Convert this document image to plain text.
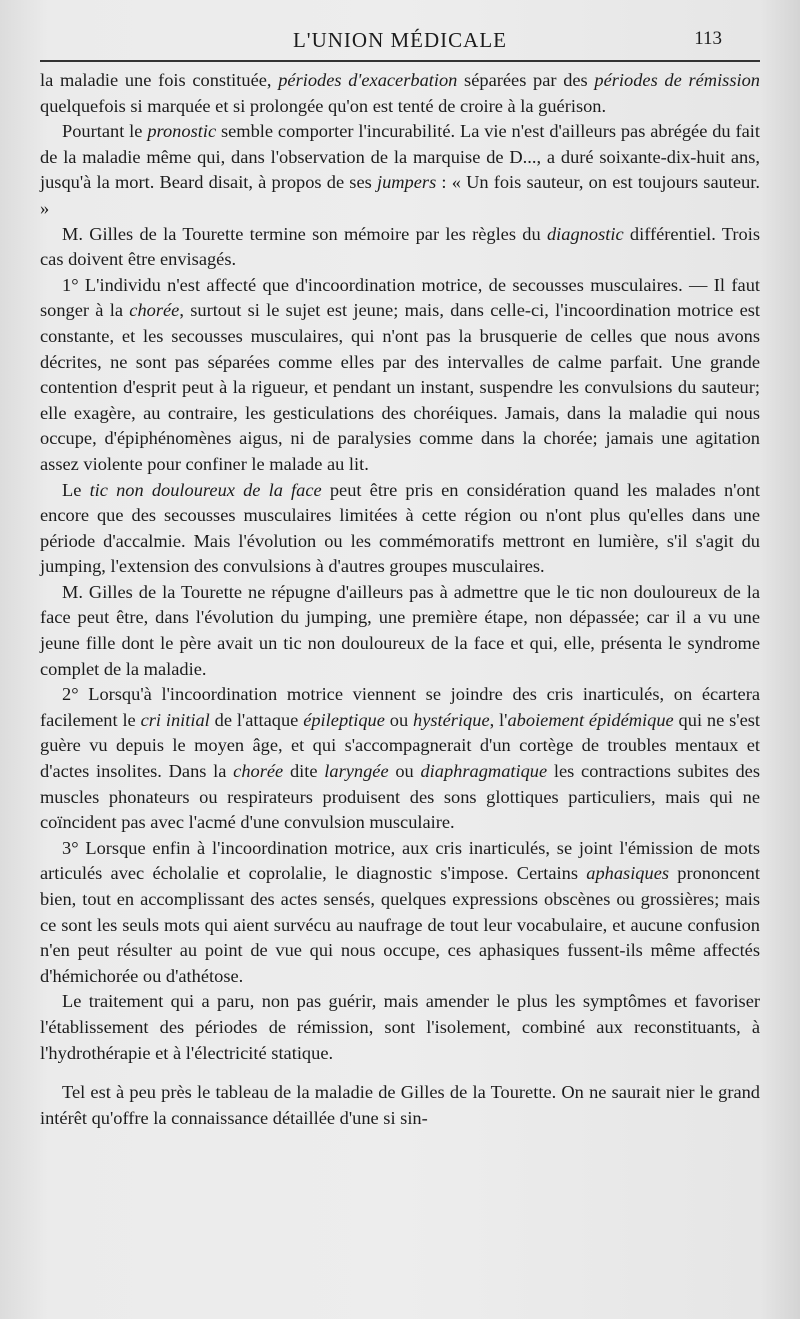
L'UNION MÉDICALE	113

la maladie une fois constituée, périodes d'exacerbation séparées par des périodes de rémission quelquefois si marquée et si prolongée qu'on est tenté de croire à la guérison.

Pourtant le pronostic semble comporter l'incurabilité. La vie n'est d'ailleurs pas abrégée du fait de la maladie même qui, dans l'observation de la marquise de D..., a duré soixante-dix-huit ans, jusqu'à la mort. Beard disait, à propos de ses jumpers : « Un fois sauteur, on est toujours sauteur. »

M. Gilles de la Tourette termine son mémoire par les règles du diagnostic différentiel. Trois cas doivent être envisagés.

1° L'individu n'est affecté que d'incoordination motrice, de secousses musculaires. — Il faut songer à la chorée, surtout si le sujet est jeune; mais, dans celle-ci, l'incoordination motrice est constante, et les secousses musculaires, qui n'ont pas la brusquerie de celles que nous avons décrites, ne sont pas séparées comme elles par des intervalles de calme parfait. Une grande contention d'esprit peut à la rigueur, et pendant un instant, suspendre les convulsions du sauteur; elle exagère, au contraire, les gesticulations des choréiques. Jamais, dans la maladie qui nous occupe, d'épiphénomènes aigus, ni de paralysies comme dans la chorée; jamais une agitation assez violente pour confiner le malade au lit.

Le tic non douloureux de la face peut être pris en considération quand les malades n'ont encore que des secousses musculaires limitées à cette région ou n'ont plus qu'elles dans une période d'accalmie. Mais l'évolution ou les commémoratifs mettront en lumière, s'il s'agit du jumping, l'extension des convulsions à d'autres groupes musculaires.

M. Gilles de la Tourette ne répugne d'ailleurs pas à admettre que le tic non douloureux de la face peut être, dans l'évolution du jumping, une première étape, non dépassée; car il a vu une jeune fille dont le père avait un tic non douloureux de la face et qui, elle, présenta le syndrome complet de la maladie.

2° Lorsqu'à l'incoordination motrice viennent se joindre des cris inarticulés, on écartera facilement le cri initial de l'attaque épileptique ou hystérique, l'aboiement épidémique qui ne s'est guère vu depuis le moyen âge, et qui s'accompagnerait d'un cortège de troubles mentaux et d'actes insolites. Dans la chorée dite laryngée ou diaphragmatique les contractions subites des muscles phonateurs ou respirateurs produisent des sons glottiques particuliers, mais qui ne coïncident pas avec l'acmé d'une convulsion musculaire.

3° Lorsque enfin à l'incoordination motrice, aux cris inarticulés, se joint l'émission de mots articulés avec écholalie et coprolalie, le diagnostic s'impose. Certains aphasiques prononcent bien, tout en accomplissant des actes sensés, quelques expressions obscènes ou grossières; mais ce sont les seuls mots qui aient survécu au naufrage de tout leur vocabulaire, et aucune confusion n'en peut résulter au point de vue qui nous occupe, ces aphasiques fussent-ils même affectés d'hémichorée ou d'athétose.

Le traitement qui a paru, non pas guérir, mais amender le plus les symptômes et favoriser l'établissement des périodes de rémission, sont l'isolement, combiné aux reconstituants, à l'hydrothérapie et à l'électricité statique.

Tel est à peu près le tableau de la maladie de Gilles de la Tourette. On ne saurait nier le grand intérêt qu'offre la connaissance détaillée d'une si sin-
